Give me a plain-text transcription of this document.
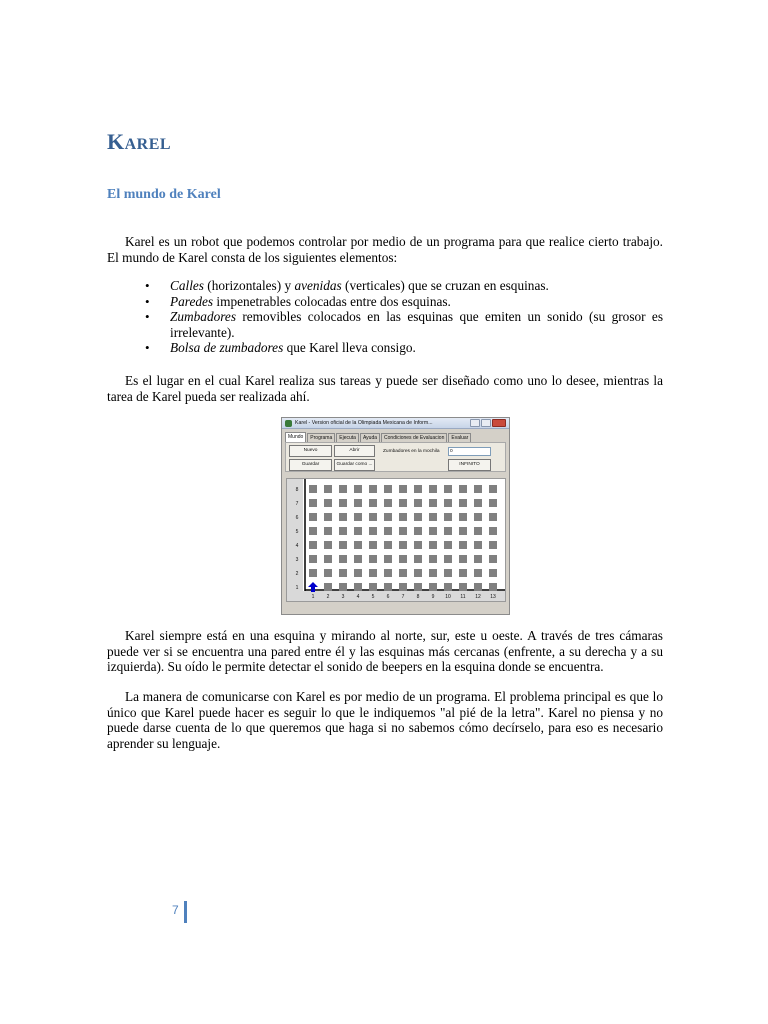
KAREL
El mundo de Karel

Karel es un robot que podemos controlar por medio de un programa para que realice cierto trabajo. El mundo de Karel consta de los siguientes elementos:

• Calles (horizontales) y avenidas (verticales) que se cruzan en esquinas.
• Paredes impenetrables colocadas entre dos esquinas.
• Zumbadores removibles colocados en las esquinas que emiten un sonido (su grosor es irrelevante).
• Bolsa de zumbadores que Karel lleva consigo.

Es el lugar en el cual Karel realiza sus tareas y puede ser diseñado como uno lo desee, mientras la tarea de Karel pueda ser realizada ahí.

Karel - Version oficial de la Olimpiada Mexicana de Inform...
Mundo	Programa	Ejecuta	Ayuda	Condiciones de Evaluacion	Evaluar
Nuevo	Abrir
Guardar	Guardar como ...
Zumbadores en la mochila	0
INFINITO
8
7
6
5
4
3
2
1
1 2 3 4 5 6 7 8 9 10 11 12 13

Karel siempre está en una esquina y mirando al norte, sur, este u oeste. A través de tres cámaras puede ver si se encuentra una pared entre él y las esquinas más cercanas (enfrente, a su derecha y a su izquierda). Su oído le permite detectar el sonido de beepers en la esquina donde se encuentra.

La manera de comunicarse con Karel es por medio de un programa. El problema principal es que lo único que Karel puede hacer es seguir lo que le indiquemos "al pié de la letra". Karel no piensa y no puede darse cuenta de lo que queremos que haga si no sabemos cómo decírselo, para eso es necesario aprender su lenguaje.

7
